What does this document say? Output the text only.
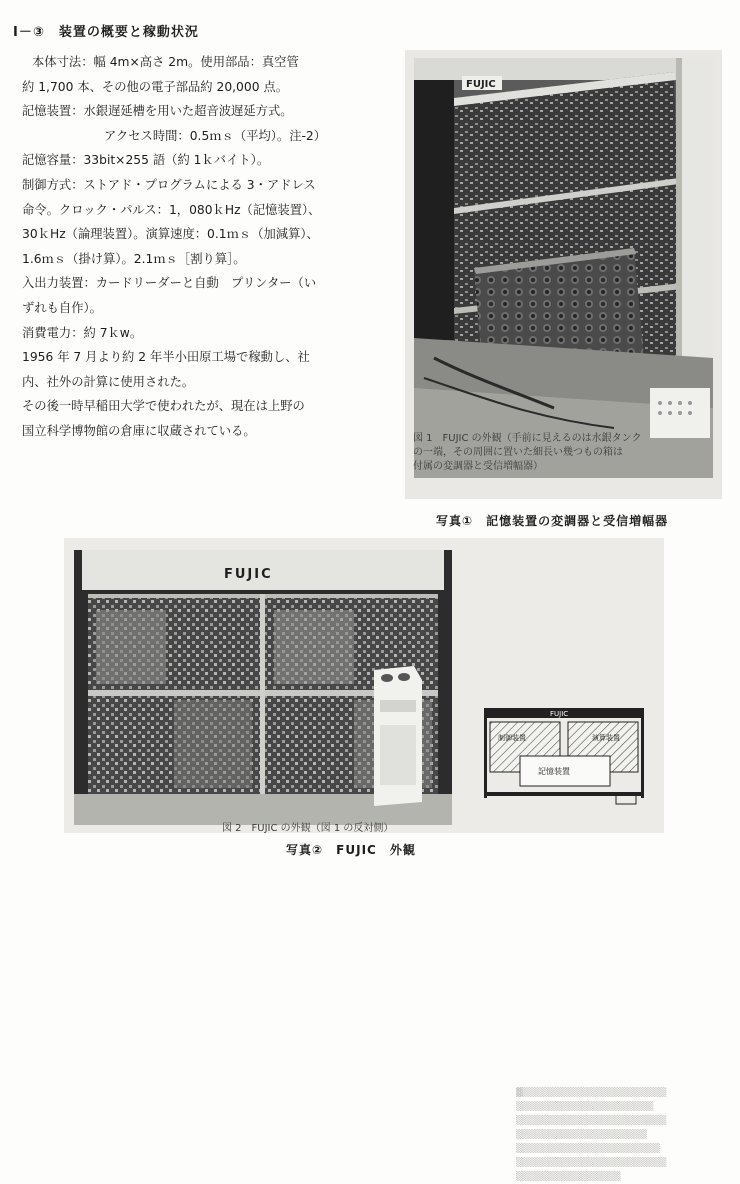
Ⅰ－③　装置の概要と稼動状況
本体寸法：幅 4m×高さ 2m。使用部品：真空管
約 1,700 本、その他の電子部品約 20,000 点。
記憶装置：水銀遅延槽を用いた超音波遅延方式。
アクセス時間：0.5ｍｓ（平均）。注-2）
記憶容量：33bit×255 語（約 1ｋバイト）。
制御方式：ストアド・プログラムによる 3・アドレス
命令。クロック・パルス：1，080ｋHz（記憶装置）、
30ｋHz（論理装置）。演算速度：0.1ｍｓ（加減算）、
1.6ｍｓ（掛け算）。2.1ｍｓ［割り算］。
入出力装置：カードリーダーと自動　プリンター（い
ずれも自作）。
消費電力：約 7ｋw。
1956 年 7 月より約 2 年半小田原工場で稼動し、社
内、社外の計算に使用された。
その後一時早稲田大学で使われたが、現在は上野の
国立科学博物館の倉庫に収蔵されている。
FUJIC
図 1　FUJIC の外観（手前に見えるのは水銀タンク
の一端，その周囲に置いた細長い幾つもの箱は
付属の変調器と受信増幅器）
写真①　記憶装置の変調器と受信増幅器
FUJIC
▓▒▒▒▒▒▒▒▒▒▒▒▒▒▒▒▒▒▒▒▒▒▒
▒▒▒▒▒▒▒▒▒▒▒▒▒▒▒▒▒▒▒▒▒
▒▒▒▒▒▒▒▒▒▒▒▒▒▒▒▒▒▒▒▒▒▒▒
▒▒▒▒▒▒▒▒▒▒▒▒▒▒▒▒▒▒▒▒
▒▒▒▒▒▒▒▒▒▒▒▒▒▒▒▒▒▒▒▒▒▒
▒▒▒▒▒▒▒▒▒▒▒▒▒▒▒▒▒▒▒▒▒▒▒
▒▒▒▒▒▒▒▒▒▒▒▒▒▒▒▒
FUJIC
記憶装置
制御装置	演算装置
図 2　FUJIC の外観（図 1 の反対側）
写真②　FUJIC　外観
